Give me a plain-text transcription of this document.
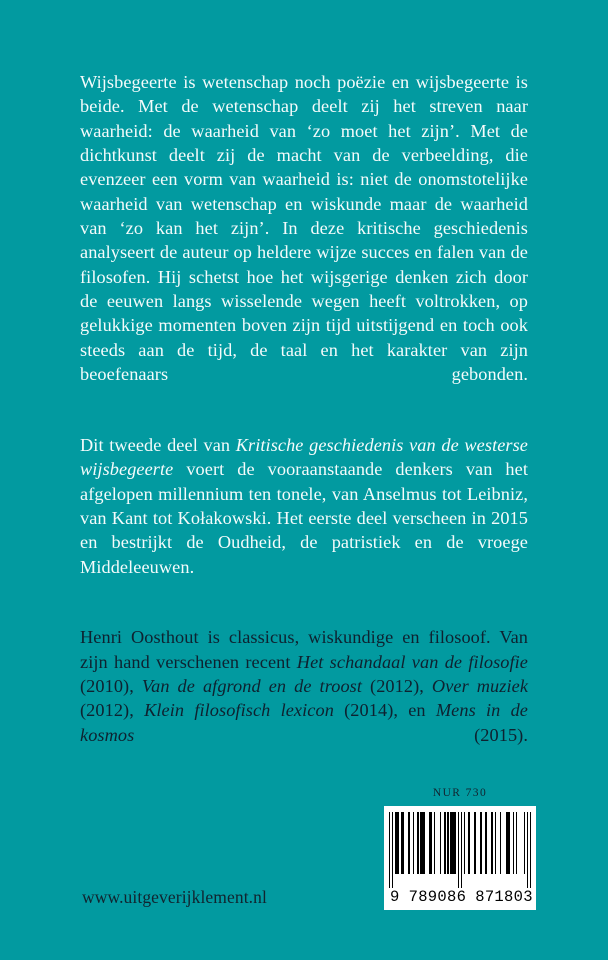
Wijsbegeerte is wetenschap noch poëzie en wijsbegeerte is beide. Met de wetenschap deelt zij het streven naar waarheid: de waarheid van ‘zo moet het zijn’. Met de dichtkunst deelt zij de macht van de verbeelding, die evenzeer een vorm van waarheid is: niet de onomstotelijke waarheid van wetenschap en wiskunde maar de waarheid van ‘zo kan het zijn’. In deze kritische geschiedenis analyseert de auteur op heldere wijze succes en falen van de filosofen. Hij schetst hoe het wijsgerige denken zich door de eeuwen langs wisselende wegen heeft voltrokken, op gelukkige momenten boven zijn tijd uitstijgend en toch ook steeds aan de tijd, de taal en het karakter van zijn beoefenaars gebonden.

Dit tweede deel van Kritische geschiedenis van de westerse wijsbegeerte voert de vooraanstaande denkers van het afgelopen millennium ten tonele, van Anselmus tot Leibniz, van Kant tot Kołakowski. Het eerste deel verscheen in 2015 en bestrijkt de Oudheid, de patristiek en de vroege Middeleeuwen.

Henri Oosthout is classicus, wiskundige en filosoof. Van zijn hand verschenen recent Het schandaal van de filosofie (2010), Van de afgrond en de troost (2012), Over muziek (2012), Klein filosofisch lexicon (2014), en Mens in de kosmos (2015).

www.uitgeverijklement.nl
NUR 730
9 789086 871803
